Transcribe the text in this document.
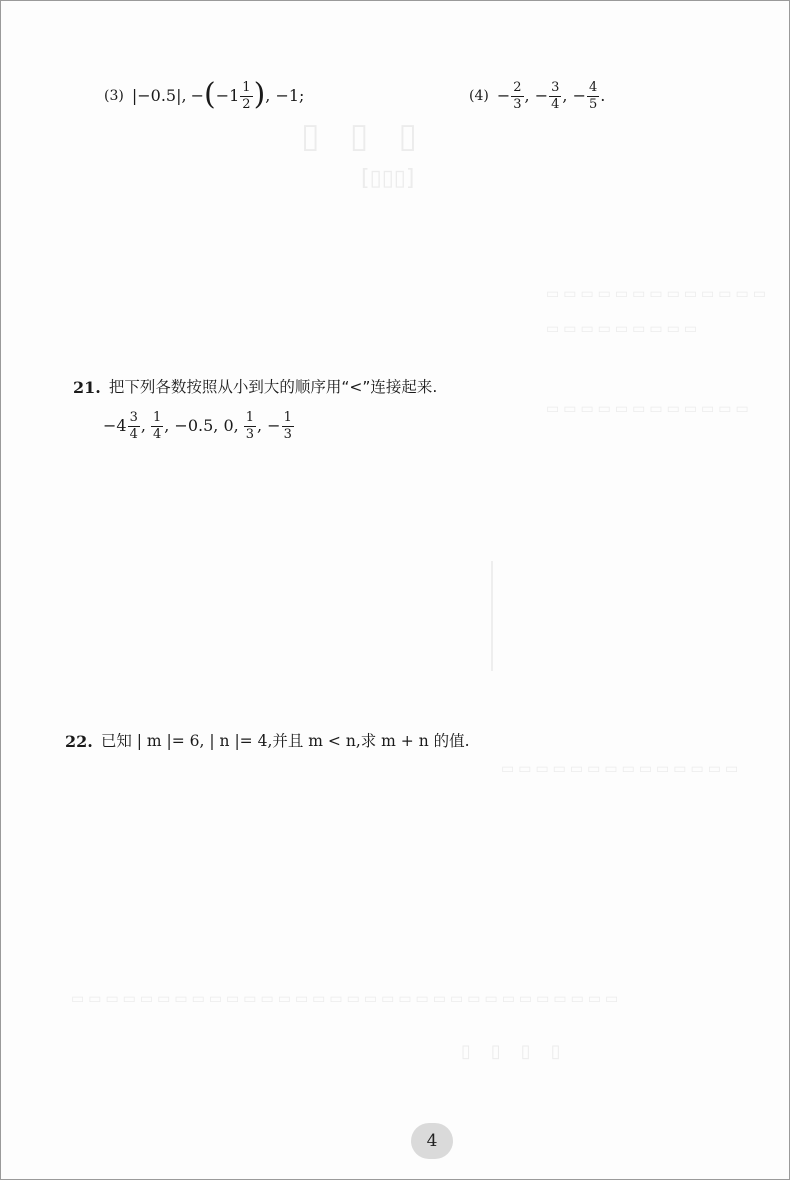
▯▯▯
[▯▯▯]
▭▭▭▭▭▭▭▭▭▭▭▭▭
▭▭▭▭▭▭▭▭▭
▭▭▭▭▭▭▭▭▭▭▭▭
▭▭▭▭▭▭▭▭▭▭▭▭▭▭
▭▭▭▭▭▭▭▭▭▭▭▭▭▭▭▭▭▭▭▭▭▭▭▭▭▭▭▭▭▭▭▭
▯▯▯▯
(3) |−0.5|, − ( $-1 \frac{1}{2}$ ) , −1;	$(4) - \frac{2}{3}$ , − $\frac{3}{4}$ , − $\frac{4}{5}$ .
21. 把下列各数按照从小到大的顺序用“<”连接起来.
$-4 \frac{3}{4}$ , $\frac{1}{4}$ , −0.5, 0, $\frac{1}{3}$ , − $\frac{1}{3}$
22. 已知 | m |= 6, | n |= 4,并且 m < n,求 m + n 的值.
4
